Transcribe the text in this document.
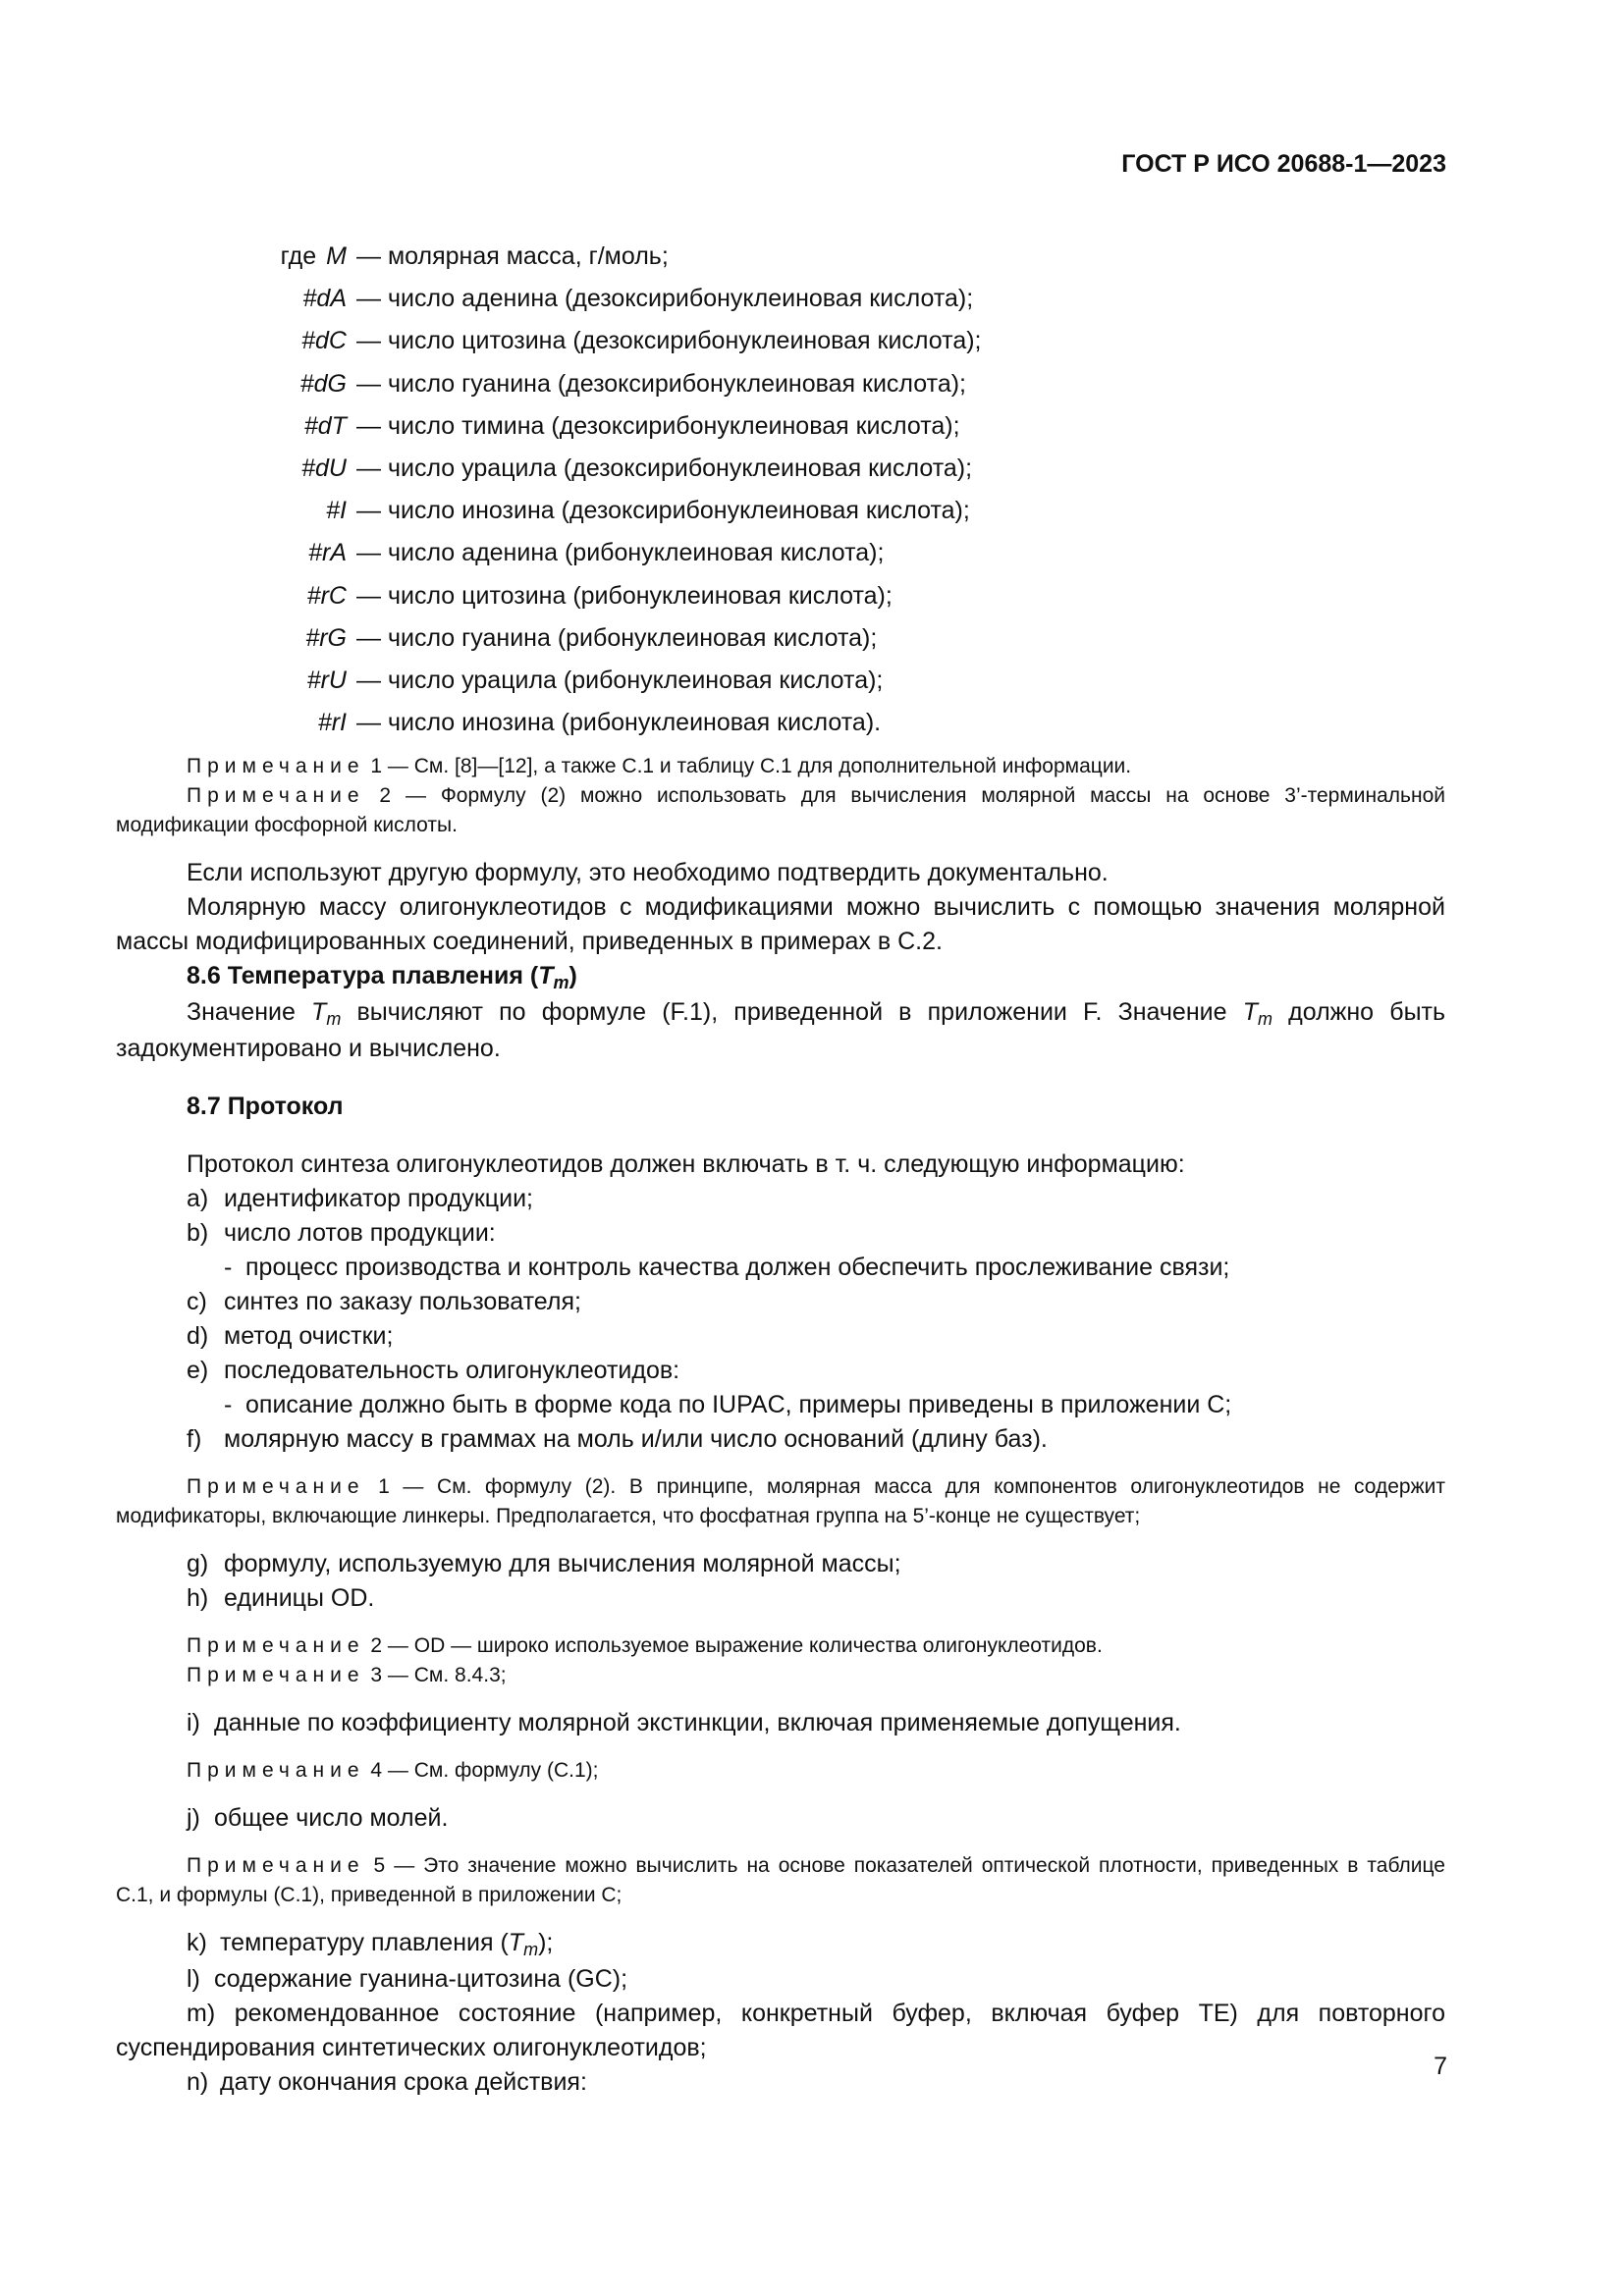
ГОСТ Р ИСО 20688-1—2023
где M — молярная масса, г/моль;
#dA — число аденина (дезоксирибонуклеиновая кислота);
#dC — число цитозина (дезоксирибонуклеиновая кислота);
#dG — число гуанина (дезоксирибонуклеиновая кислота);
#dT — число тимина (дезоксирибонуклеиновая кислота);
#dU — число урацила (дезоксирибонуклеиновая кислота);
#I — число инозина (дезоксирибонуклеиновая кислота);
#rA — число аденина (рибонуклеиновая кислота);
#rC — число цитозина (рибонуклеиновая кислота);
#rG — число гуанина (рибонуклеиновая кислота);
#rU — число урацила (рибонуклеиновая кислота);
#rI — число инозина (рибонуклеиновая кислота).
Примечание 1 — См. [8]—[12], а также С.1 и таблицу С.1 для дополнительной информации.
Примечание 2 — Формулу (2) можно использовать для вычисления молярной массы на основе 3’-терминальной модификации фосфорной кислоты.

Если используют другую формулу, это необходимо подтвердить документально.

Молярную массу олигонуклеотидов с модификациями можно вычислить с помощью значения молярной массы модифицированных соединений, приведенных в примерах в С.2.

8.6 Температура плавления $(T_m)$

Значение $T_m$ вычисляют по формуле (F.1), приведенной в приложении F. Значение $T_m$ должно быть задокументировано и вычислено.

8.7 Протокол

Протокол синтеза олигонуклеотидов должен включать в т. ч. следующую информацию:

a) идентификатор продукции;
b) число лотов продукции:
- процесс производства и контроль качества должен обеспечить прослеживание связи;
c) синтез по заказу пользователя;
d) метод очистки;
e) последовательность олигонуклеотидов:
- описание должно быть в форме кода по IUPAC, примеры приведены в приложении С;
f) молярную массу в граммах на моль и/или число оснований (длину баз).
Примечание 1 — См. формулу (2). В принципе, молярная масса для компонентов олигонуклеотидов не содержит модификаторы, включающие линкеры. Предполагается, что фосфатная группа на 5’-конце не существует;
g) формулу, используемую для вычисления молярной массы;
h) единицы OD.
Примечание 2 — OD — широко используемое выражение количества олигонуклеотидов.
Примечание 3 — См. 8.4.3;
i) данные по коэффициенту молярной экстинкции, включая применяемые допущения.
Примечание 4 — См. формулу (С.1);
j) общее число молей.
Примечание 5 — Это значение можно вычислить на основе показателей оптической плотности, приведенных в таблице С.1, и формулы (С.1), приведенной в приложении С;
k) температуру плавления $(T_m)$;
l) содержание гуанина-цитозина (GC);
m) рекомендованное состояние (например, конкретный буфер, включая буфер ТЕ) для повторного суспендирования синтетических олигонуклеотидов;
n) дату окончания срока действия:
7
